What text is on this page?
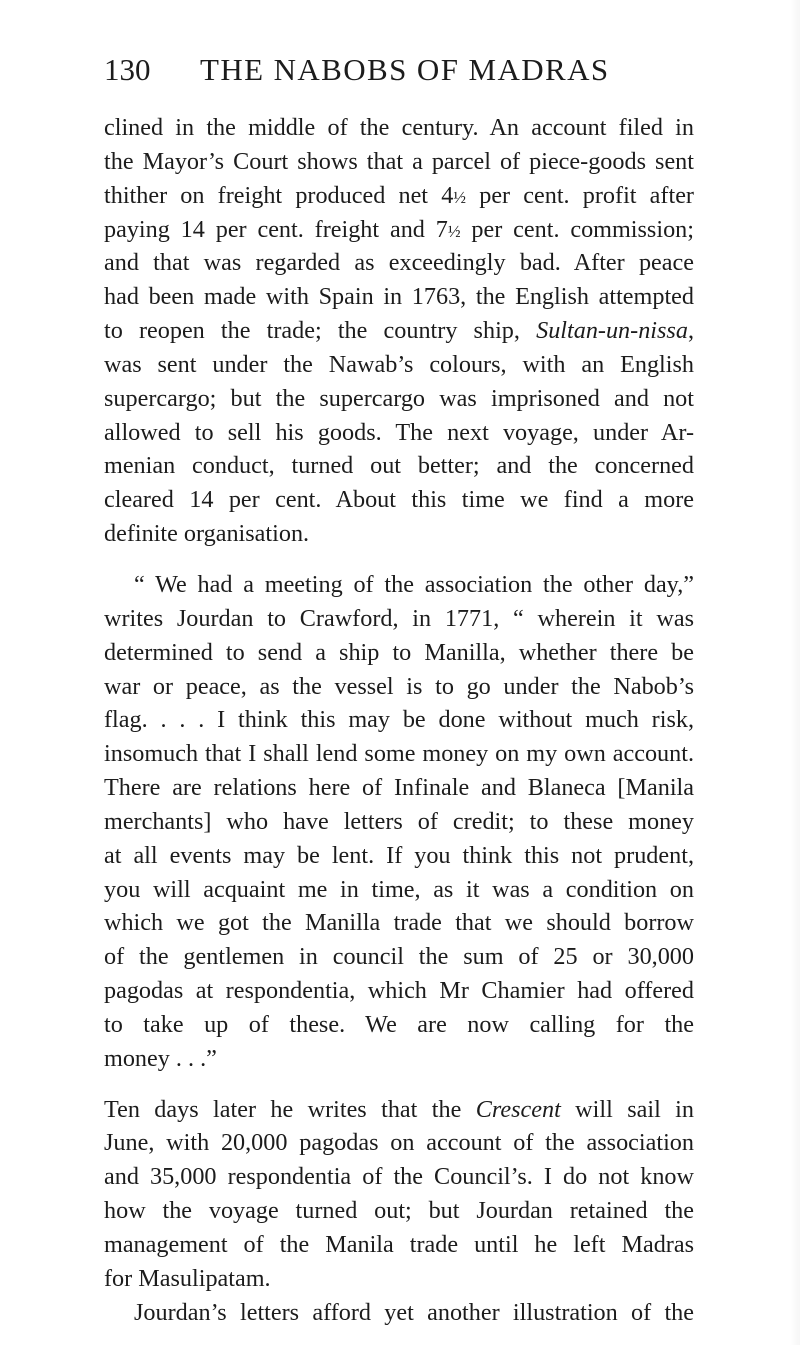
130 THE NABOBS OF MADRAS
clined in the middle of the century. An account filed in
the Mayor’s Court shows that a parcel of piece-goods sent
thither on freight produced net 4½ per cent. profit after
paying 14 per cent. freight and 7½ per cent. commission;
and that was regarded as exceedingly bad. After peace
had been made with Spain in 1763, the English attempted
to reopen the trade; the country ship, Sultan-un-nissa,
was sent under the Nawab’s colours, with an English
supercargo; but the supercargo was imprisoned and not
allowed to sell his goods. The next voyage, under Ar-
menian conduct, turned out better; and the concerned
cleared 14 per cent. About this time we find a more
definite organisation.
“ We had a meeting of the association the other day,”
writes Jourdan to Crawford, in 1771, “ wherein it was
determined to send a ship to Manilla, whether there be
war or peace, as the vessel is to go under the Nabob’s
flag. . . . I think this may be done without much risk,
insomuch that I shall lend some money on my own account.
There are relations here of Infinale and Blaneca [Manila
merchants] who have letters of credit; to these money
at all events may be lent. If you think this not prudent,
you will acquaint me in time, as it was a condition on
which we got the Manilla trade that we should borrow
of the gentlemen in council the sum of 25 or 30,000
pagodas at respondentia, which Mr Chamier had offered
to take up of these. We are now calling for the
money . . .”
Ten days later he writes that the Crescent will sail in
June, with 20,000 pagodas on account of the association
and 35,000 respondentia of the Council’s. I do not know
how the voyage turned out; but Jourdan retained the
management of the Manila trade until he left Madras
for Masulipatam.
Jourdan’s letters afford yet another illustration of the
